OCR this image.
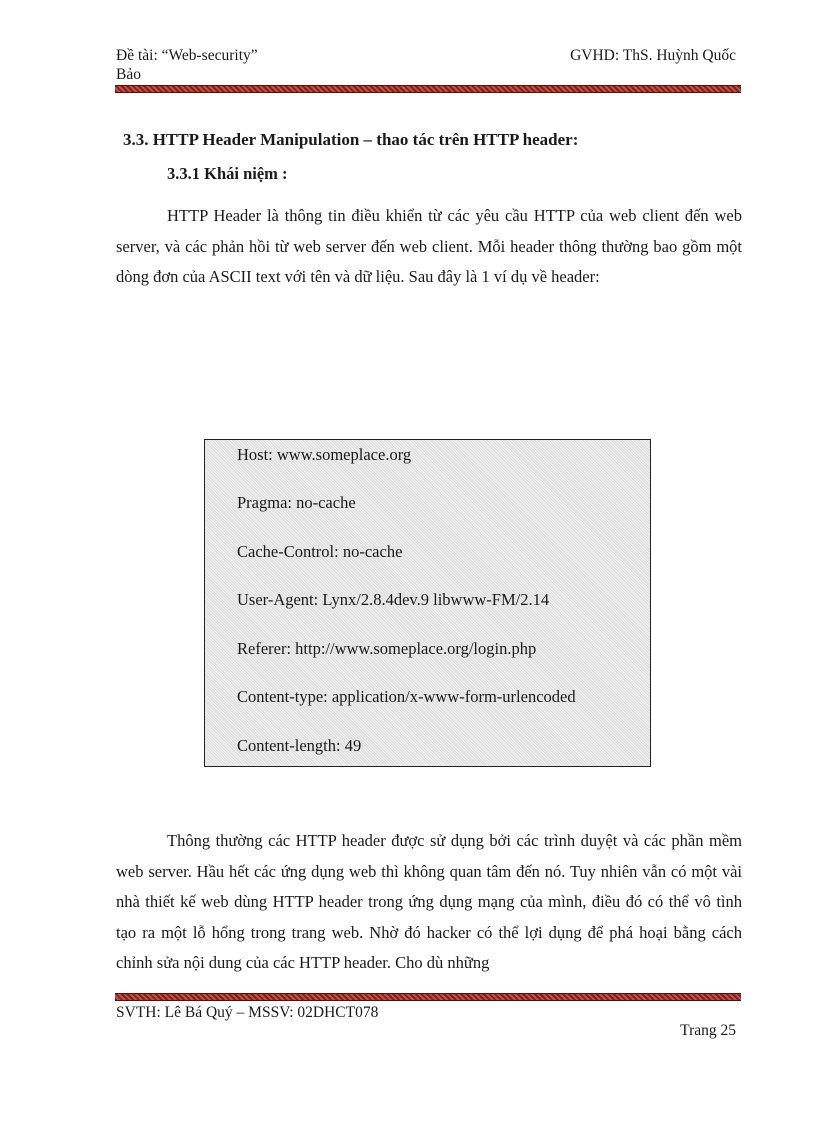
Đề tài: “Web-security”
Bảo
GVHD: ThS. Huỳnh Quốc
3.3. HTTP Header Manipulation – thao tác trên HTTP header:
3.3.1 Khái niệm :
HTTP Header là thông tin điều khiển từ các yêu cầu HTTP của web client đến web server, và các phản hồi từ web server đến web client. Mỗi header thông thường bao gồm một dòng đơn của ASCII text với tên và dữ liệu. Sau đây là 1 ví dụ về header:
Host: www.someplace.org
Pragma: no-cache
Cache-Control: no-cache
User-Agent: Lynx/2.8.4dev.9 libwww-FM/2.14
Referer: http://www.someplace.org/login.php
Content-type: application/x-www-form-urlencoded
Content-length: 49
Thông thường các HTTP header được sử dụng bởi các trình duyệt và các phần mềm web server. Hầu hết các ứng dụng web thì không quan tâm đến nó. Tuy nhiên vẫn có một vài nhà thiết kế web dùng HTTP header trong ứng dụng mạng của mình, điều đó có thể vô tình tạo ra một lỗ hổng trong trang web. Nhờ đó hacker có thể lợi dụng để phá hoại bằng cách chỉnh sửa nội dung của các HTTP header. Cho dù những
SVTH: Lê Bá Quý – MSSV: 02DHCT078
Trang 25
